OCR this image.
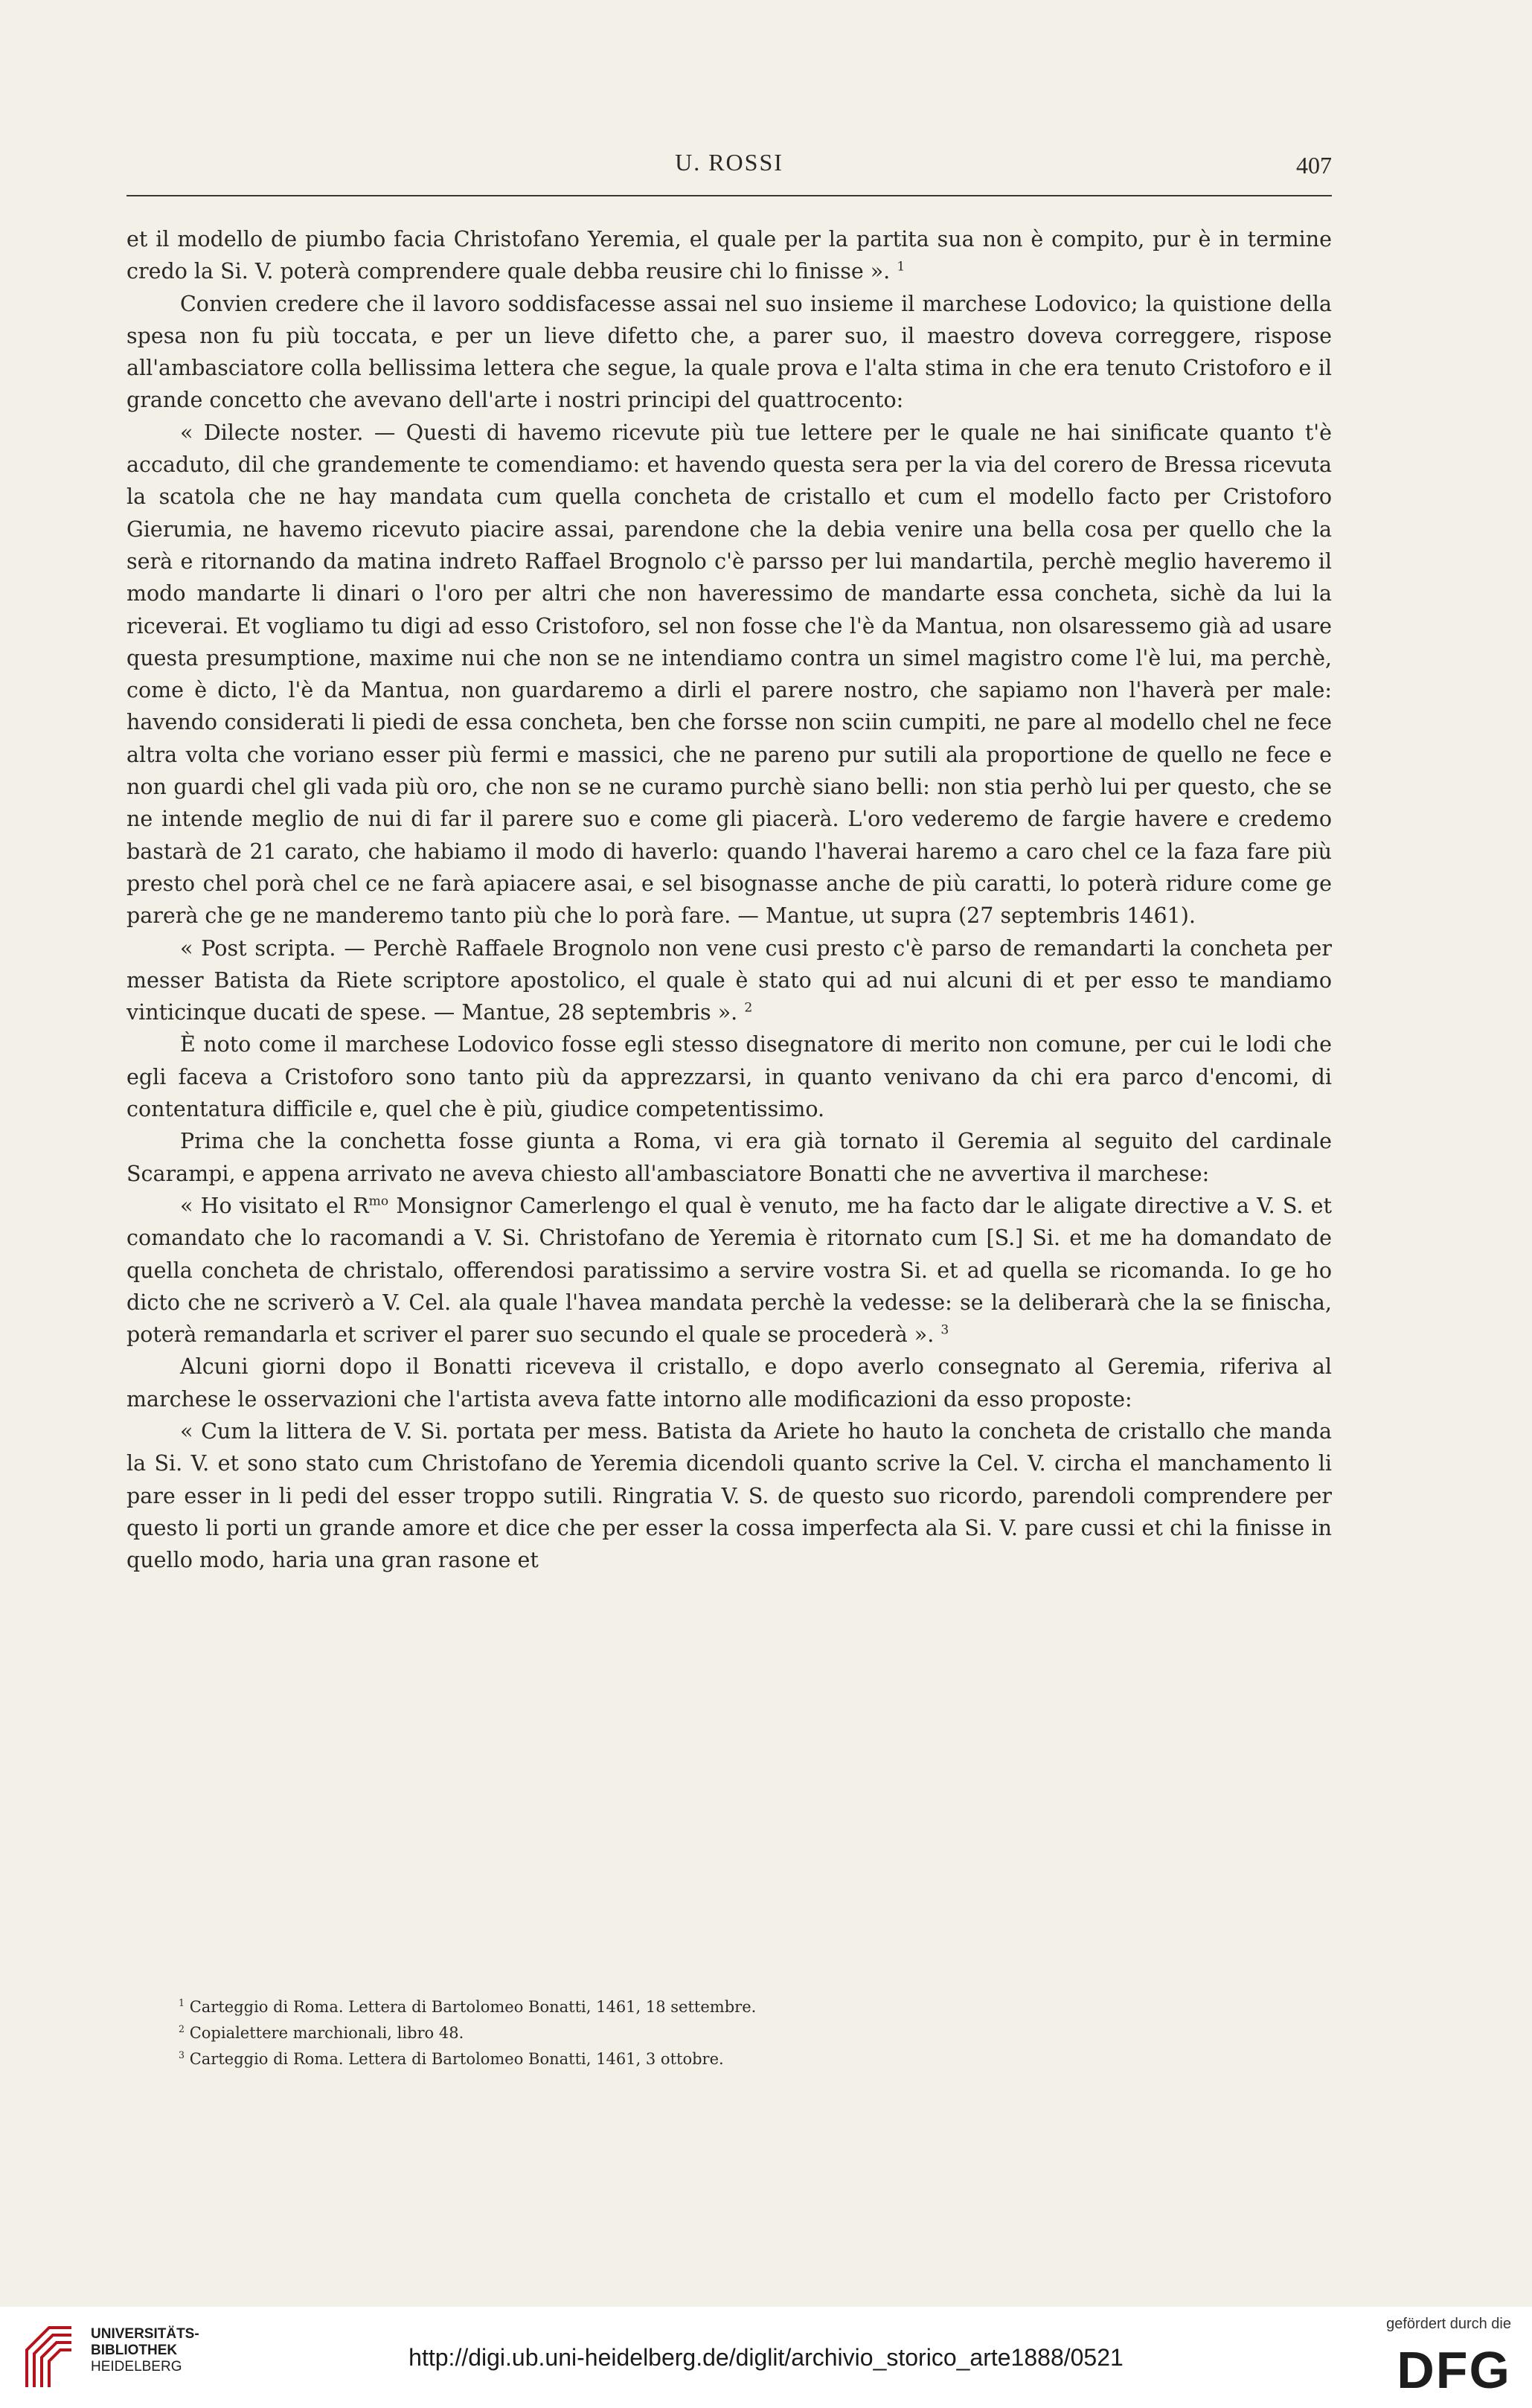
U. ROSSI	407

et il modello de piumbo facia Christofano Yeremia, el quale per la partita sua non è compito, pur è in termine credo la Si. V. poterà comprendere quale debba reusire chi lo finisse ». $^1$

Convien credere che il lavoro soddisfacesse assai nel suo insieme il marchese Lodovico; la quistione della spesa non fu più toccata, e per un lieve difetto che, a parer suo, il maestro doveva correggere, rispose all'ambasciatore colla bellissima lettera che segue, la quale prova e l'alta stima in che era tenuto Cristoforo e il grande concetto che avevano dell'arte i nostri principi del quattrocento:

« Dilecte noster. — Questi di havemo ricevute più tue lettere per le quale ne hai sinificate quanto t'è accaduto, dil che grandemente te comendiamo: et havendo questa sera per la via del corero de Bressa ricevuta la scatola che ne hay mandata cum quella concheta de cristallo et cum el modello facto per Cristoforo Gierumia, ne havemo ricevuto piacire assai, parendone che la debia venire una bella cosa per quello che la serà e ritornando da matina indreto Raffael Brognolo c'è parsso per lui mandartila, perchè meglio haveremo il modo mandarte li dinari o l'oro per altri che non haveressimo de mandarte essa concheta, sichè da lui la riceverai. Et vogliamo tu digi ad esso Cristoforo, sel non fosse che l'è da Mantua, non olsaressemo già ad usare questa presumptione, maxime nui che non se ne intendiamo contra un simel magistro come l'è lui, ma perchè, come è dicto, l'è da Mantua, non guardaremo a dirli el parere nostro, che sapiamo non l'haverà per male: havendo considerati li piedi de essa concheta, ben che forsse non sciin cumpiti, ne pare al modello chel ne fece altra volta che voriano esser più fermi e massici, che ne pareno pur sutili ala proportione de quello ne fece e non guardi chel gli vada più oro, che non se ne curamo purchè siano belli: non stia perhò lui per questo, che se ne intende meglio de nui di far il parere suo e come gli piacerà. L'oro vederemo de fargie havere e credemo bastarà de 21 carato, che habiamo il modo di haverlo: quando l'haverai haremo a caro chel ce la faza fare più presto chel porà chel ce ne farà apiacere asai, e sel bisognasse anche de più caratti, lo poterà ridure come ge parerà che ge ne manderemo tanto più che lo porà fare. — Mantue, ut supra (27 septembris 1461).

« Post scripta. — Perchè Raffaele Brognolo non vene cusi presto c'è parso de remandarti la concheta per messer Batista da Riete scriptore apostolico, el quale è stato qui ad nui alcuni di et per esso te mandiamo vinticinque ducati de spese. — Mantue, 28 septembris ». $^2$

È noto come il marchese Lodovico fosse egli stesso disegnatore di merito non comune, per cui le lodi che egli faceva a Cristoforo sono tanto più da apprezzarsi, in quanto venivano da chi era parco d'encomi, di contentatura difficile e, quel che è più, giudice competentissimo.

Prima che la conchetta fosse giunta a Roma, vi era già tornato il Geremia al seguito del cardinale Scarampi, e appena arrivato ne aveva chiesto all'ambasciatore Bonatti che ne avvertiva il marchese:

« Ho visitato el $R^{mo}$ Monsignor Camerlengo el qual è venuto, me ha facto dar le aligate directive a V. S. et comandato che lo racomandi a V. Si. Christofano de Yeremia è ritornato cum [S.] Si. et me ha domandato de quella concheta de christalo, offerendosi paratissimo a servire vostra Si. et ad quella se ricomanda. Io ge ho dicto che ne scriverò a V. Cel. ala quale l'havea mandata perchè la vedesse: se la deliberarà che la se finischa, poterà remandarla et scriver el parer suo secundo el quale se procederà ». $^3$

Alcuni giorni dopo il Bonatti riceveva il cristallo, e dopo averlo consegnato al Geremia, riferiva al marchese le osservazioni che l'artista aveva fatte intorno alle modificazioni da esso proposte:

« Cum la littera de V. Si. portata per mess. Batista da Ariete ho hauto la concheta de cristallo che manda la Si. V. et sono stato cum Christofano de Yeremia dicendoli quanto scrive la Cel. V. circha el manchamento li pare esser in li pedi del esser troppo sutili. Ringratia V. S. de questo suo ricordo, parendoli comprendere per questo li porti un grande amore et dice che per esser la cossa imperfecta ala Si. V. pare cussi et chi la finisse in quello modo, haria una gran rasone et

$^1$ Carteggio di Roma. Lettera di Bartolomeo Bonatti, 1461, 18 settembre.

$^2$ Copialettere marchionali, libro 48.

$^3$ Carteggio di Roma. Lettera di Bartolomeo Bonatti, 1461, 3 ottobre.

UNIVERSITÄTS-
BIBLIOTHEK
HEIDELBERG	http://digi.ub.uni-heidelberg.de/diglit/archivio_storico_arte1888/0521
gefördert durch die
DFG
